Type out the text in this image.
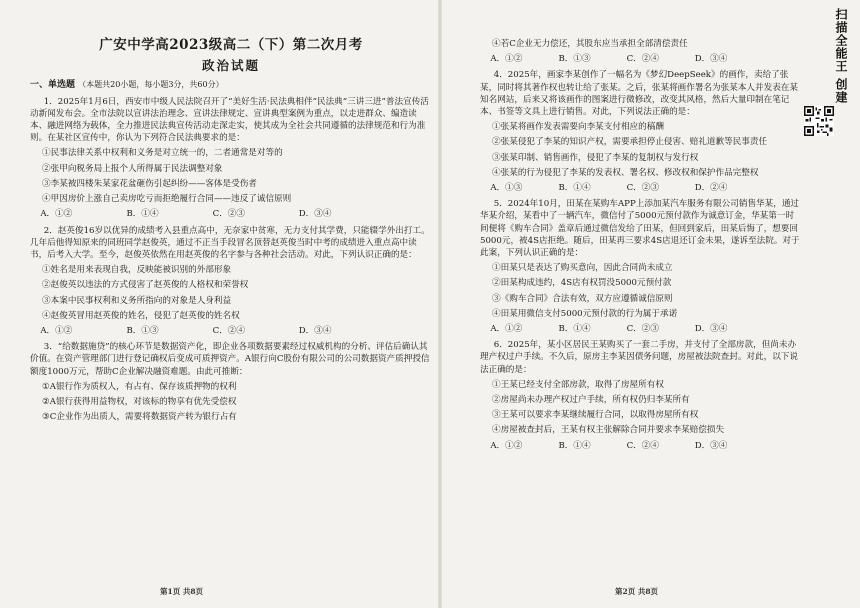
广安中学高2023级高二（下）第二次月考
政治试题
一、单选题 （本题共20小题，每小题3分，共60分）

1．2025年1月6日，西安市中级人民法院召开了“美好生活·民法典相伴”民法典“三讲三进”普法宣传活动新闻发布会。全市法院以宣讲法治理念、宣讲法律规定、宣讲典型案例为重点，以走进群众、编造读本、融进网络为载体，全力推进民法典宣传活动走深走实，使其成为全社会共同遵循的法律规范和行为准则。在某社区宣传中，你认为下列符合民法典要求的是：

①民事法律关系中权利和义务是对立统一的，二者通常是对等的

②张甲向税务局上报个人所得属于民法调整对象

③李某被四楼朱某家花盆砸伤引起纠纷——客体是受伤者

④甲因房价上涨自己卖房吃亏而拒绝履行合同——违反了诚信原则

A．①②	B．①④	C．②③	D．③④

2．赵英俊16岁以优异的成绩考入县重点高中，无奈家中贫寒，无力支付其学费，只能辍学外出打工。几年后他得知原来的同班同学赵俊英，通过不正当手段冒名顶替赵英俊当时中考的成绩进入重点高中读书，后考入大学。至今，赵俊英依然在用赵英俊的名字参与各种社会活动。对此，下列认识正确的是：

①姓名是用来表现自我，反映能被识别的外部形象

②赵俊英以违法的方式侵害了赵英俊的人格权和荣誉权

③本案中民事权利和义务所指向的对象是人身利益

④赵俊英冒用赵英俊的姓名，侵犯了赵英俊的姓名权

A．①②	B．①③	C．②④	D．③④

3．“给数据施贷”的核心环节是数据资产化，即企业各项数据要素经过权威机构的分析、评估后确认其价值。在资产管理部门进行登记确权后变成可质押资产。A银行向C股份有限公司的公司数据资产质押授信额度1000万元，帮助C企业解决融资难题。由此可推断：

①A银行作为质权人，有占有、保存该质押物的权利

②A银行获得用益物权，对该标的物享有优先受偿权

③C企业作为出质人，需要将数据资产转为银行占有

第1页 共8页

④若C企业无力偿还，其股东应当承担全部清偿责任

A．①②	B．①③	C．②④	D．③④

4．2025年，画家李某创作了一幅名为《梦幻DeepSeek》的画作，卖给了张某，同时将其著作权也转让给了张某。之后，张某将画作署名为张某本人并发表在某知名网站，后来又将该画作的图案进行微修改，改变其风格，然后大量印制在笔记本、书签等文具上进行销售。对此，下列说法正确的是：

①张某将画作发表需要向李某支付相应的稿酬

②张某侵犯了李某的知识产权，需要承担停止侵害、赔礼道歉等民事责任

③张某印制、销售画作，侵犯了李某的复制权与发行权

④张某的行为侵犯了李某的发表权、署名权、修改权和保护作品完整权

A．①③	B．①④	C．②③	D．②④

5．2024年10月，田某在某购车APP上添加某汽车服务有限公司销售华某，通过华某介绍，某看中了一辆汽车，微信付了5000元预付款作为诚意订金，华某第一时间便将《购车合同》盖章后通过微信发给了田某，但回到家后，田某后悔了，想要回5000元，被4S店拒绝。随后，田某再三要求4S店退还订金未果，遂诉至法院。对于此案，下列认识正确的是：

①田某只是表达了购买意向，因此合同尚未成立

②田某构成违约，4S店有权罚没5000元预付款

③《购车合同》合法有效，双方应遵循诚信原则

④田某用微信支付5000元预付款的行为属于承诺

A．①②	B．①④	C．②③	D．③④

6．2025年，某小区居民王某购买了一套二手房，并支付了全部房款，但尚未办理产权过户手续。不久后，原房主李某因债务问题，房屋被法院查封。对此，以下说法正确的是：

①王某已经支付全部房款，取得了房屋所有权

②房屋尚未办理产权过户手续，所有权仍归李某所有

③王某可以要求李某继续履行合同，以取得房屋所有权

④房屋被查封后，王某有权主张解除合同并要求李某赔偿损失

A．①②	B．①④	C．②④	D．③④
第2页 共8页
扫描全能王 创建
